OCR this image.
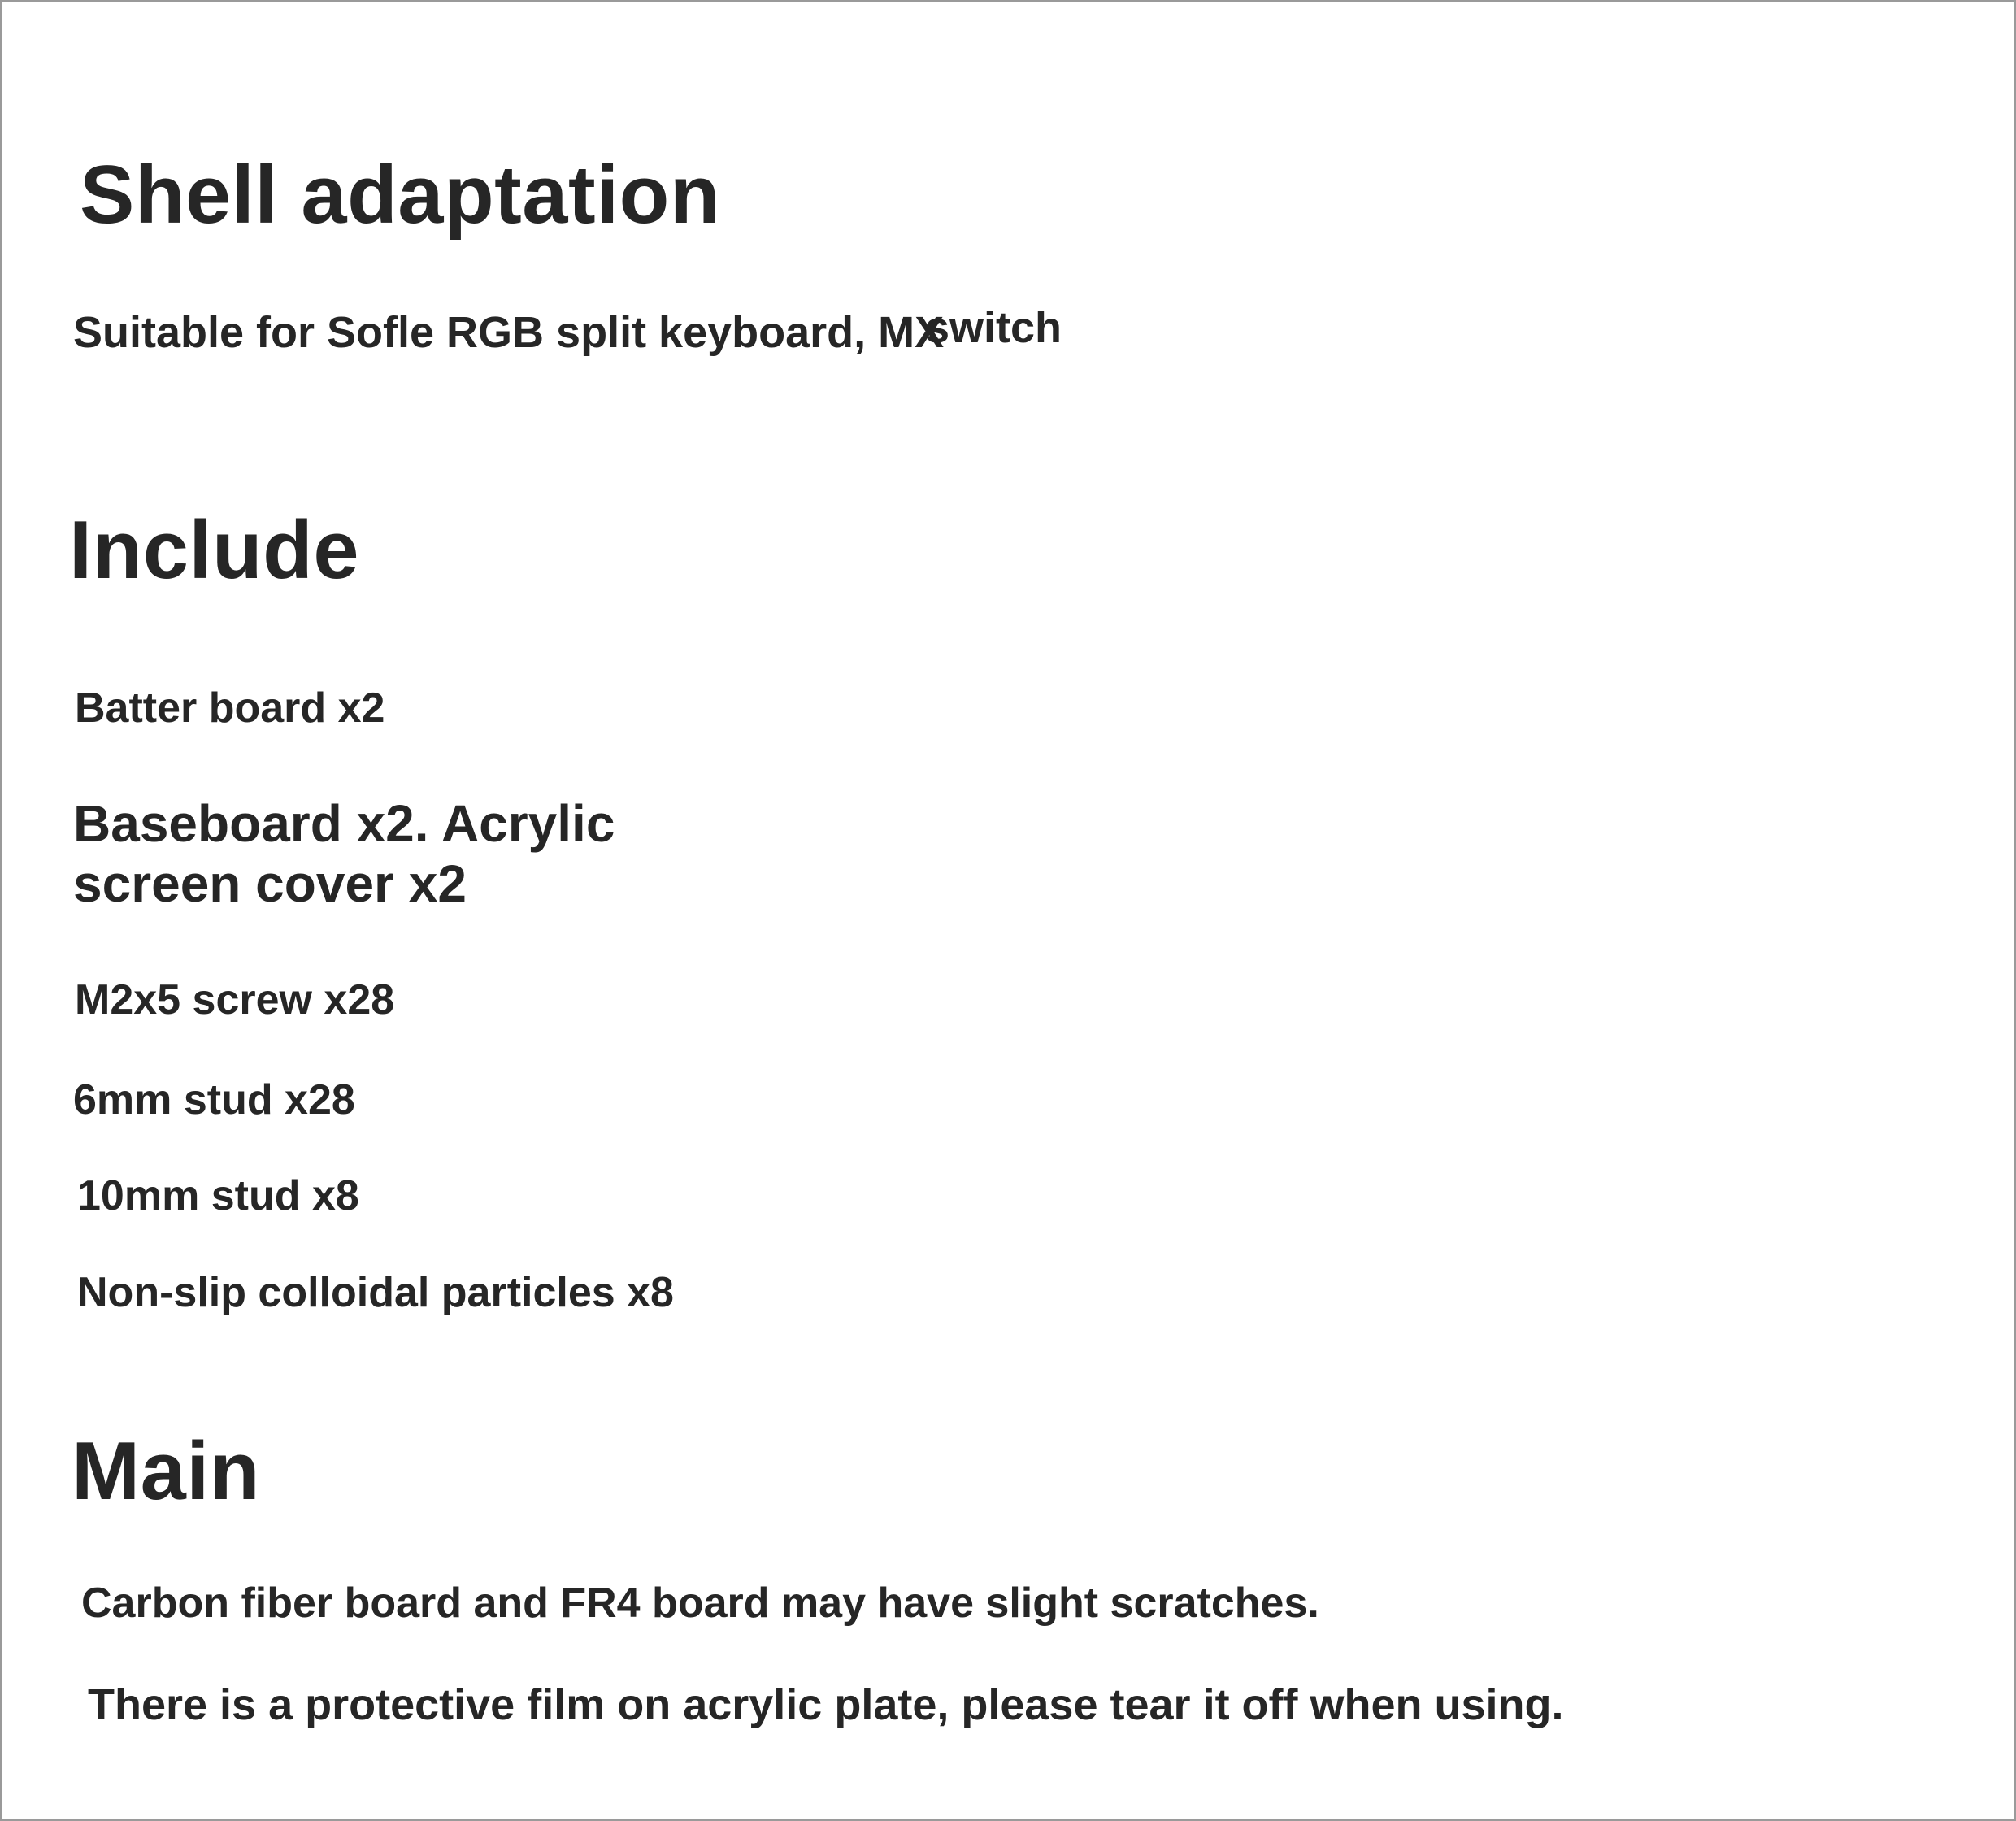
Shell adaptation

Suitable for Sofle RGB split keyboard, MX

switch

Include

Batter board x2

Baseboard x2. Acrylic screen cover x2

M2x5 screw x28

6mm stud x28

10mm stud x8

Non-slip colloidal particles x8

Main

Carbon fiber board and FR4 board may have slight scratches.

There is a protective film on acrylic plate, please tear it off when using.
